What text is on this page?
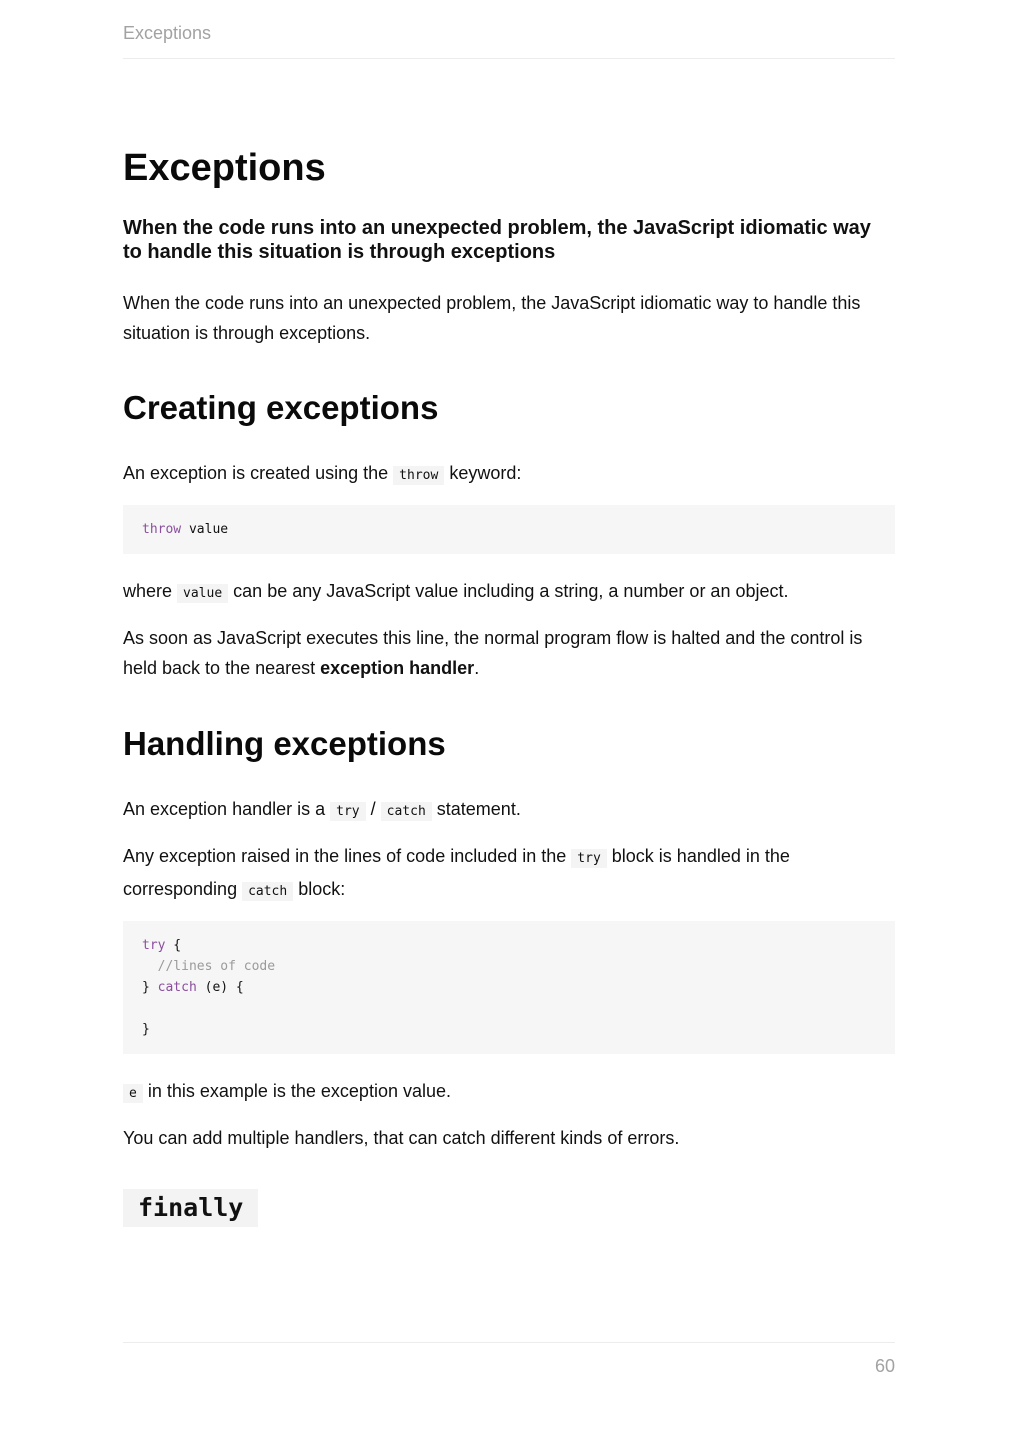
Exceptions
Exceptions
When the code runs into an unexpected problem, the JavaScript idiomatic way to handle this situation is through exceptions

When the code runs into an unexpected problem, the JavaScript idiomatic way to handle this situation is through exceptions.

Creating exceptions

An exception is created using the throw keyword:

throw value

where value can be any JavaScript value including a string, a number or an object.

As soon as JavaScript executes this line, the normal program flow is halted and the control is held back to the nearest exception handler.

Handling exceptions

An exception handler is a try / catch statement.

Any exception raised in the lines of code included in the try block is handled in the corresponding catch block:

try {
//lines of code
} catch (e) {

}

e in this example is the exception value.

You can add multiple handlers, that can catch different kinds of errors.

finally
60
